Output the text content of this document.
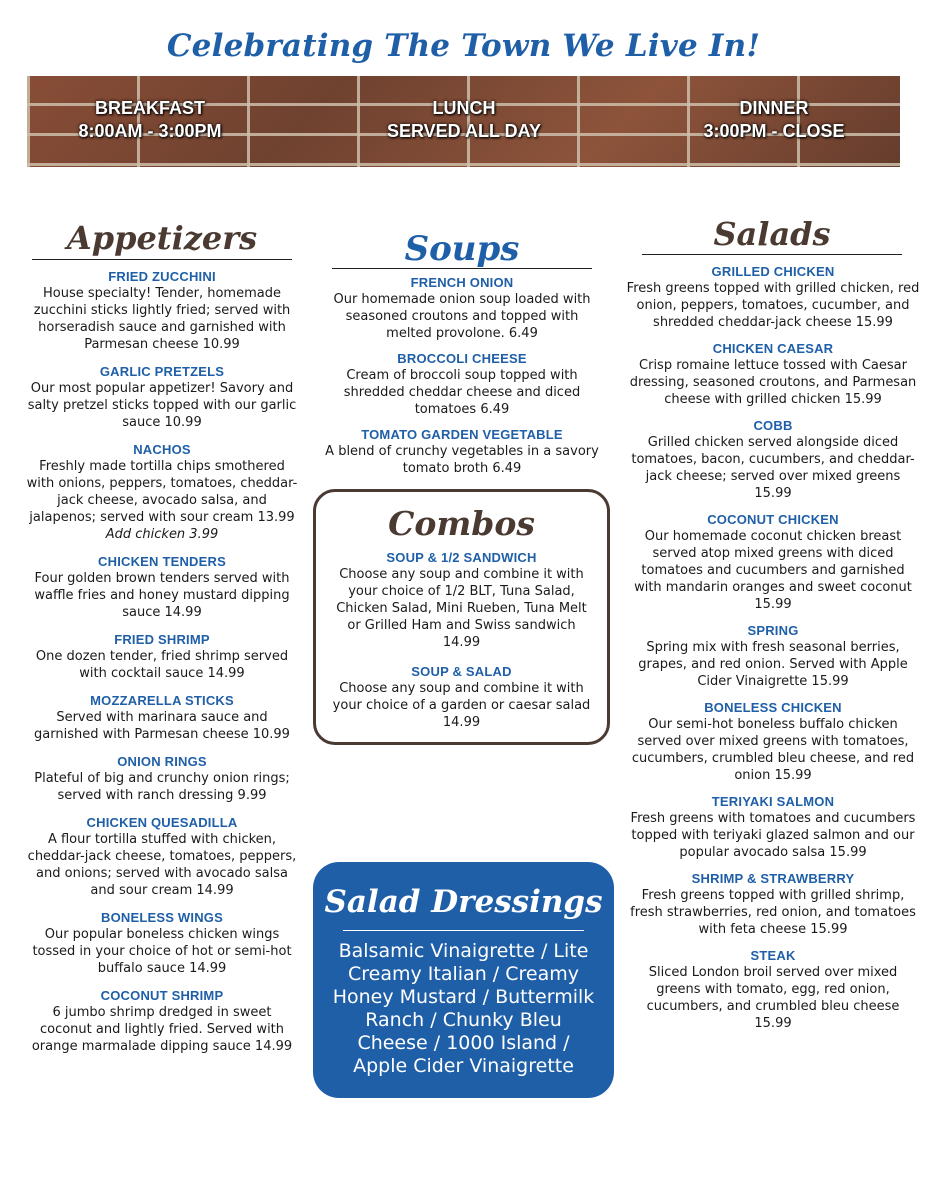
Celebrating The Town We Live In!
BREAKFAST
8:00AM - 3:00PM
LUNCH
SERVED ALL DAY
DINNER
3:00PM - CLOSE
Appetizers
FRIED ZUCCHINI
House specialty! Tender, homemade zucchini sticks lightly fried; served with horseradish sauce and garnished with Parmesan cheese 10.99
GARLIC PRETZELS
Our most popular appetizer! Savory and salty pretzel sticks topped with our garlic sauce 10.99
NACHOS
Freshly made tortilla chips smothered with onions, peppers, tomatoes, cheddar-jack cheese, avocado salsa, and jalapenos; served with sour cream 13.99
Add chicken 3.99
CHICKEN TENDERS
Four golden brown tenders served with waffle fries and honey mustard dipping sauce 14.99
FRIED SHRIMP
One dozen tender, fried shrimp served with cocktail sauce 14.99
MOZZARELLA STICKS
Served with marinara sauce and garnished with Parmesan cheese 10.99
ONION RINGS
Plateful of big and crunchy onion rings; served with ranch dressing 9.99
CHICKEN QUESADILLA
A flour tortilla stuffed with chicken, cheddar-jack cheese, tomatoes, peppers, and onions; served with avocado salsa and sour cream 14.99
BONELESS WINGS
Our popular boneless chicken wings tossed in your choice of hot or semi-hot buffalo sauce 14.99
COCONUT SHRIMP
6 jumbo shrimp dredged in sweet coconut and lightly fried. Served with orange marmalade dipping sauce 14.99
Soups
FRENCH ONION
Our homemade onion soup loaded with seasoned croutons and topped with melted provolone. 6.49
BROCCOLI CHEESE
Cream of broccoli soup topped with shredded cheddar cheese and diced tomatoes 6.49
TOMATO GARDEN VEGETABLE
A blend of crunchy vegetables in a savory tomato broth 6.49
Combos
SOUP & 1/2 SANDWICH
Choose any soup and combine it with your choice of 1/2 BLT, Tuna Salad, Chicken Salad, Mini Rueben, Tuna Melt or Grilled Ham and Swiss sandwich 14.99
SOUP & SALAD
Choose any soup and combine it with your choice of a garden or caesar salad 14.99
Salad Dressings
Balsamic Vinaigrette / Lite Creamy Italian / Creamy Honey Mustard / Buttermilk Ranch / Chunky Bleu Cheese / 1000 Island / Apple Cider Vinaigrette
Salads
GRILLED CHICKEN
Fresh greens topped with grilled chicken, red onion, peppers, tomatoes, cucumber, and shredded cheddar-jack cheese 15.99
CHICKEN CAESAR
Crisp romaine lettuce tossed with Caesar dressing, seasoned croutons, and Parmesan cheese with grilled chicken 15.99
COBB
Grilled chicken served alongside diced tomatoes, bacon, cucumbers, and cheddar-jack cheese; served over mixed greens 15.99
COCONUT CHICKEN
Our homemade coconut chicken breast served atop mixed greens with diced tomatoes and cucumbers and garnished with mandarin oranges and sweet coconut 15.99
SPRING
Spring mix with fresh seasonal berries, grapes, and red onion. Served with Apple Cider Vinaigrette 15.99
BONELESS CHICKEN
Our semi-hot boneless buffalo chicken served over mixed greens with tomatoes, cucumbers, crumbled bleu cheese, and red onion 15.99
TERIYAKI SALMON
Fresh greens with tomatoes and cucumbers topped with teriyaki glazed salmon and our popular avocado salsa 15.99
SHRIMP & STRAWBERRY
Fresh greens topped with grilled shrimp, fresh strawberries, red onion, and tomatoes with feta cheese 15.99
STEAK
Sliced London broil served over mixed greens with tomato, egg, red onion, cucumbers, and crumbled bleu cheese 15.99
